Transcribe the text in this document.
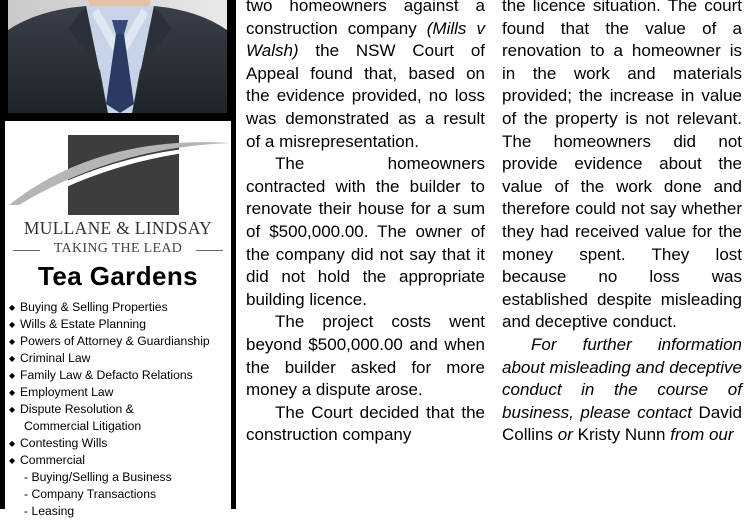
MULLANE & LINDSAY
TAKING THE LEAD
Tea Gardens
◆ Buying & Selling Properties
◆ Wills & Estate Planning
◆ Powers of Attorney & Guardianship
◆ Criminal Law
◆ Family Law & Defacto Relations
◆ Employment Law
◆ Dispute Resolution &
Commercial Litigation
◆ Contesting Wills
◆ Commercial
- Buying/Selling a Business
- Company Transactions
- Leasing

two homeowners against a construction company (Mills v Walsh) the NSW Court of Appeal found that, based on the evidence provided, no loss was demonstrated as a result of a misrepresentation.

The homeowners contracted with the builder to renovate their house for a sum of $500,000.00. The owner of the company did not say that it did not hold the appropriate building licence.

The project costs went beyond $500,000.00 and when the builder asked for more money a dispute arose.

The Court decided that the construction company

the licence situation. The court found that the value of a renovation to a homeowner is in the work and materials provided; the increase in value of the property is not relevant. The homeowners did not provide evidence about the value of the work done and therefore could not say whether they had received value for the money spent. They lost because no loss was established despite misleading and deceptive conduct.

For further information about misleading and deceptive conduct in the course of business, please contact David Collins or Kristy Nunn from our
